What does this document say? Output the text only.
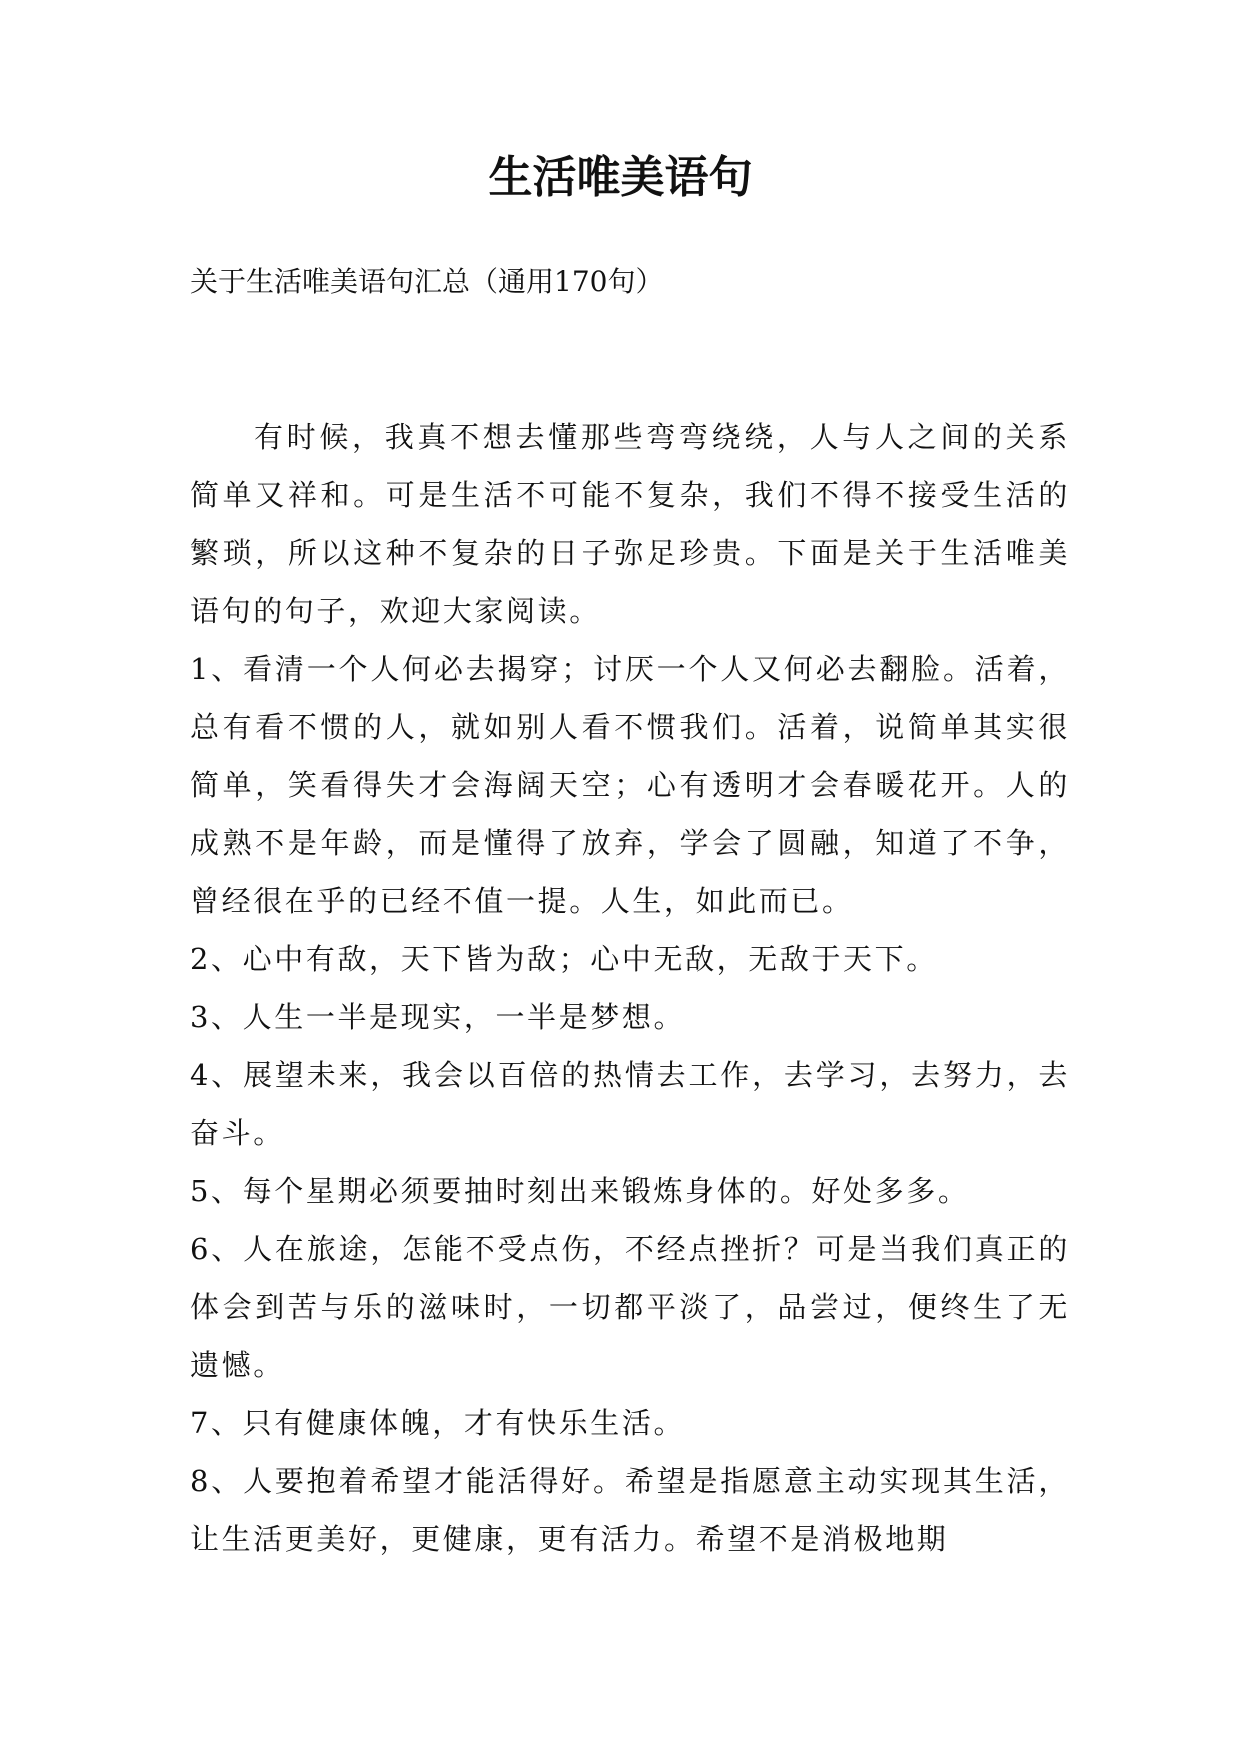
生活唯美语句

关于生活唯美语句汇总（通用170句）

有时候，我真不想去懂那些弯弯绕绕，人与人之间的关系简单又祥和。可是生活不可能不复杂，我们不得不接受生活的繁琐，所以这种不复杂的日子弥足珍贵。下面是关于生活唯美语句的句子，欢迎大家阅读。

1、看清一个人何必去揭穿；讨厌一个人又何必去翻脸。活着，总有看不惯的人，就如别人看不惯我们。活着，说简单其实很简单，笑看得失才会海阔天空；心有透明才会春暖花开。人的成熟不是年龄，而是懂得了放弃，学会了圆融，知道了不争，曾经很在乎的已经不值一提。人生，如此而已。

2、心中有敌，天下皆为敌；心中无敌，无敌于天下。

3、人生一半是现实，一半是梦想。

4、展望未来，我会以百倍的热情去工作，去学习，去努力，去奋斗。

5、每个星期必须要抽时刻出来锻炼身体的。好处多多。

6、人在旅途，怎能不受点伤，不经点挫折？可是当我们真正的体会到苦与乐的滋味时，一切都平淡了，品尝过，便终生了无遗憾。

7、只有健康体魄，才有快乐生活。

8、人要抱着希望才能活得好。希望是指愿意主动实现其生活，让生活更美好，更健康，更有活力。希望不是消极地期
